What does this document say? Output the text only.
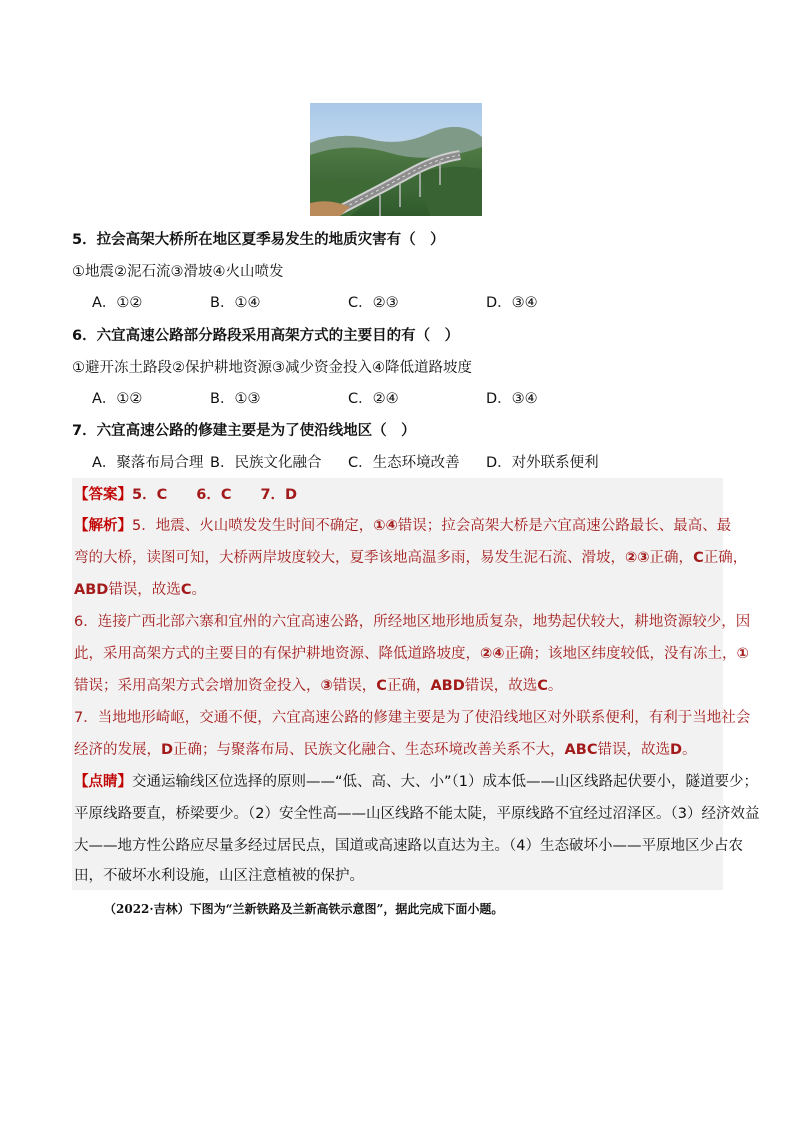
5．拉会高架大桥所在地区夏季易发生的地质灾害有（　）
①地震②泥石流③滑坡④火山喷发
A．①②	B．①④	C．②③	D．③④
6．六宜高速公路部分路段采用高架方式的主要目的有（　）
①避开冻土路段②保护耕地资源③减少资金投入④降低道路坡度
A．①②	B．①③	C．②④	D．③④
7．六宜高速公路的修建主要是为了使沿线地区（　）
A．聚落布局合理 B．民族文化融合 C．生态环境改善 D．对外联系便利
【答案】5．C　　6．C　　7．D
【解析】5．地震、火山喷发发生时间不确定，①④错误；拉会高架大桥是六宜高速公路最长、最高、最
弯的大桥，读图可知，大桥两岸坡度较大，夏季该地高温多雨，易发生泥石流、滑坡，②③正确，C正确，
ABD错误，故选C。
6．连接广西北部六寨和宜州的六宜高速公路，所经地区地形地质复杂，地势起伏较大，耕地资源较少，因
此，采用高架方式的主要目的有保护耕地资源、降低道路坡度，②④正确；该地区纬度较低，没有冻土，①
错误；采用高架方式会增加资金投入，③错误，C正确，ABD错误，故选C。
7．当地地形崎岖，交通不便，六宜高速公路的修建主要是为了使沿线地区对外联系便利，有利于当地社会
经济的发展，D正确；与聚落布局、民族文化融合、生态环境改善关系不大，ABC错误，故选D。
【点睛】交通运输线区位选择的原则——“低、高、大、小”（1）成本低——山区线路起伏要小，隧道要少；
平原线路要直，桥梁要少。（2）安全性高——山区线路不能太陡，平原线路不宜经过沼泽区。（3）经济效益
大——地方性公路应尽量多经过居民点，国道或高速路以直达为主。（4）生态破坏小——平原地区少占农
田，不破坏水利设施，山区注意植被的保护。
（2022·吉林）下图为“兰新铁路及兰新高铁示意图”，据此完成下面小题。
